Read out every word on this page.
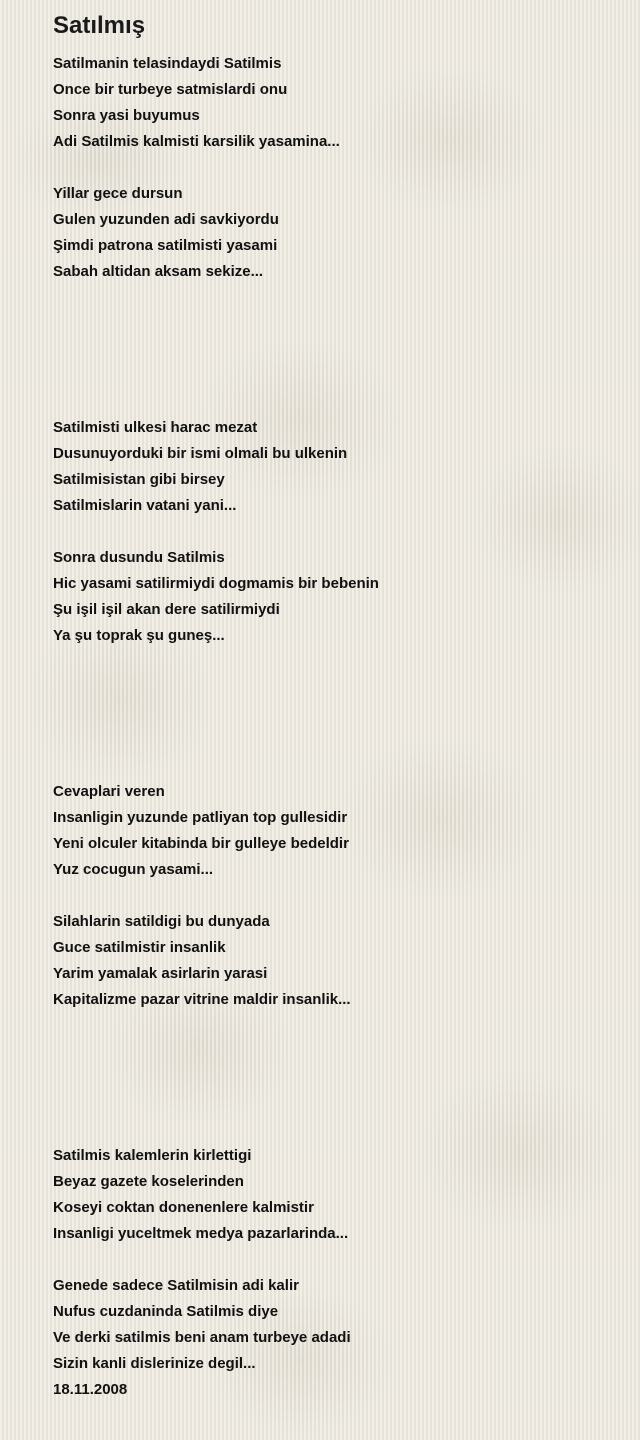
Satılmış
Satilmanin telasindaydi Satilmis
Once bir turbeye satmislardi onu
Sonra yasi buyumus
Adi Satilmis kalmisti karsilik yasamina...
Yillar gece dursun
Gulen yuzunden adi savkiyordu
Şimdi patrona satilmisti yasami
Sabah altidan aksam sekize...
Satilmisti ulkesi harac mezat
Dusunuyorduki bir ismi olmali bu ulkenin
Satilmisistan gibi birsey
Satilmislarin vatani yani...
Sonra dusundu Satilmis
Hic yasami satilirmiydi dogmamis bir bebenin
Şu işil işil akan dere satilirmiydi
Ya şu toprak şu guneş...
Cevaplari veren
Insanligin yuzunde patliyan top gullesidir
Yeni olculer kitabinda bir gulleye bedeldir
Yuz cocugun yasami...
Silahlarin satildigi bu dunyada
Guce satilmistir insanlik
Yarim yamalak asirlarin yarasi
Kapitalizme pazar vitrine maldir insanlik...
Satilmis kalemlerin kirlettigi
Beyaz gazete koselerinden
Koseyi coktan donenenlere kalmistir
Insanligi yuceltmek medya pazarlarinda...
Genede sadece Satilmisin adi kalir
Nufus cuzdaninda Satilmis diye
Ve derki satilmis beni anam turbeye adadi
Sizin kanli dislerinize degil...
18.11.2008
